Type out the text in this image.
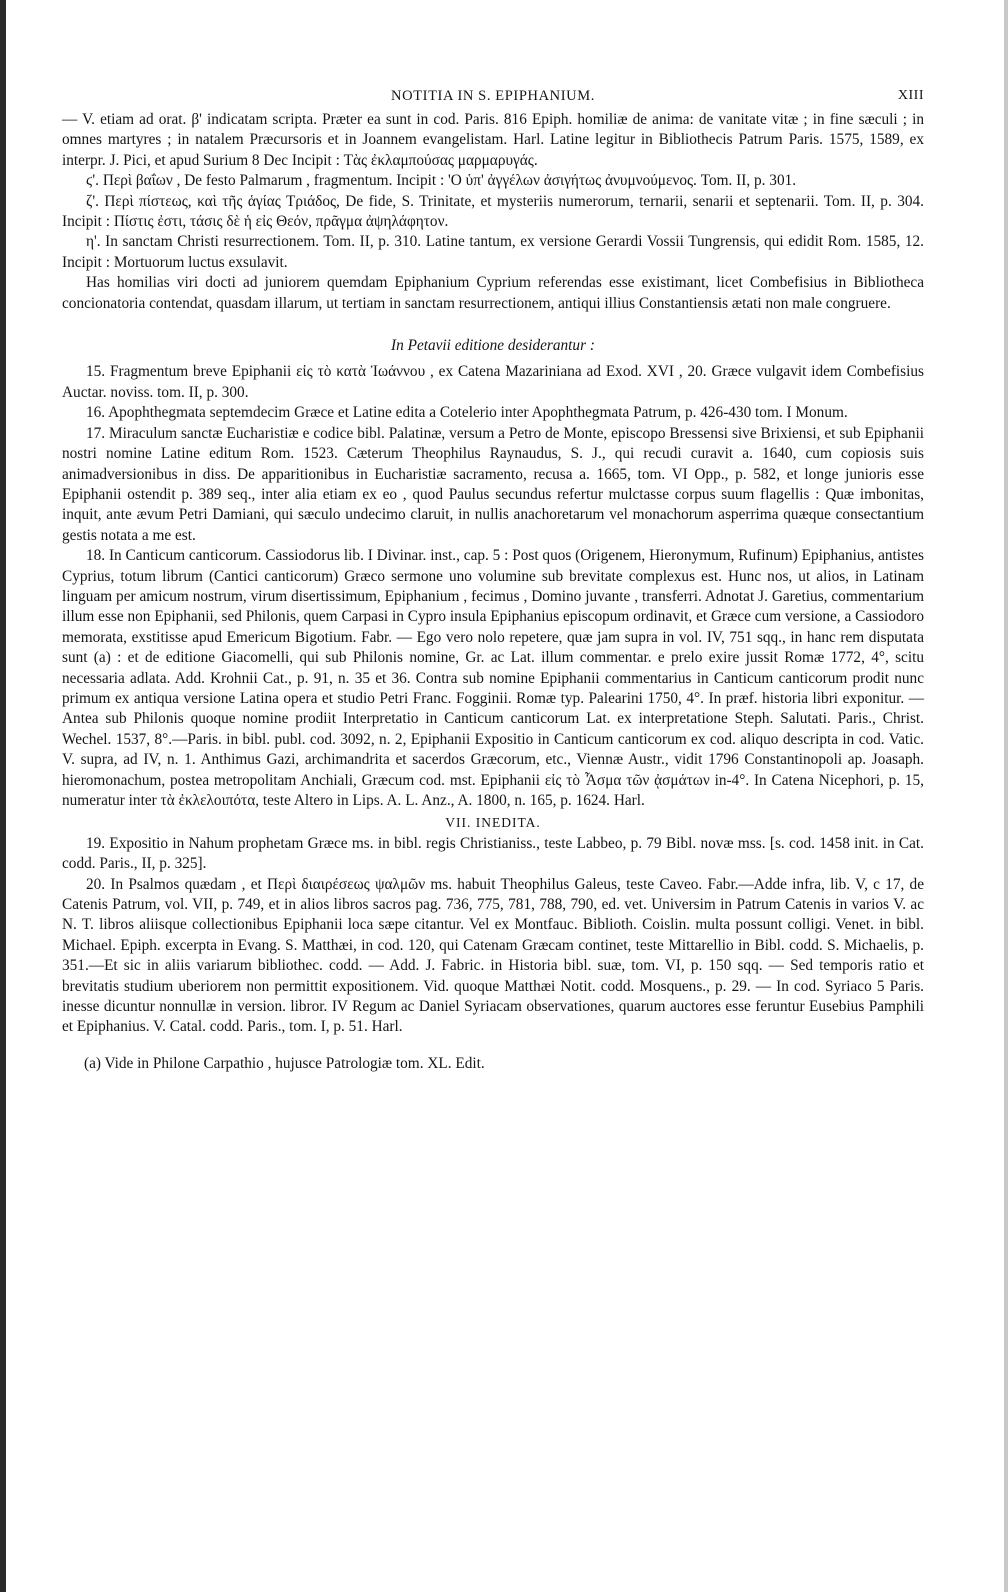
NOTITIA IN S. EPIPHANIUM.	XIII

— V. etiam ad orat. β' indicatam scripta. Præter ea sunt in cod. Paris. 816 Epiph. homiliæ de anima: de vanitate vitæ ; in fine sæculi ; in omnes martyres ; in natalem Præcursoris et in Joannem evangelistam. Harl. Latine legitur in Bibliothecis Patrum Paris. 1575, 1589, ex interpr. J. Pici, et apud Surium 8 Dec Incipit : Τὰς ἐκλαμπούσας μαρμαρυγάς.

ϛ'. Περὶ βαΐων , De festo Palmarum , fragmentum. Incipit : 'Ο ὑπ' ἀγγέλων ἀσιγήτως ἀνυμνούμενος. Tom. II, p. 301.

ζ'. Περὶ πίστεως, καὶ τῆς ἁγίας Τριάδος, De fide, S. Trinitate, et mysteriis numerorum, ternarii, senarii et septenarii. Tom. II, p. 304. Incipit : Πίστις ἐστι, τάσις δὲ ἡ εἰς Θεόν, πρᾶγμα ἀψηλάφητον.

η'. In sanctam Christi resurrectionem. Tom. II, p. 310. Latine tantum, ex versione Gerardi Vossii Tungrensis, qui edidit Rom. 1585, 12. Incipit : Mortuorum luctus exsulavit.

Has homilias viri docti ad juniorem quemdam Epiphanium Cyprium referendas esse existimant, licet Combefisius in Bibliotheca concionatoria contendat, quasdam illarum, ut tertiam in sanctam resurrectionem, antiqui illius Constantiensis ætati non male congruere.

In Petavii editione desiderantur :

15. Fragmentum breve Epiphanii εἰς τὸ κατὰ Ἰωάννου , ex Catena Mazariniana ad Exod. XVI , 20. Græce vulgavit idem Combefisius Auctar. noviss. tom. II, p. 300.

16. Apophthegmata septemdecim Græce et Latine edita a Cotelerio inter Apophthegmata Patrum, p. 426-430 tom. I Monum.

17. Miraculum sanctæ Eucharistiæ e codice bibl. Palatinæ, versum a Petro de Monte, episcopo Bressensi sive Brixiensi, et sub Epiphanii nostri nomine Latine editum Rom. 1523. Cæterum Theophilus Raynaudus, S. J., qui recudi curavit a. 1640, cum copiosis suis animadversionibus in diss. De apparitionibus in Eucharistiæ sacramento, recusa a. 1665, tom. VI Opp., p. 582, et longe junioris esse Epiphanii ostendit p. 389 seq., inter alia etiam ex eo , quod Paulus secundus refertur mulctasse corpus suum flagellis : Quæ imbonitas, inquit, ante ævum Petri Damiani, qui sæculo undecimo claruit, in nullis anachoretarum vel monachorum asperrima quæque consectantium gestis notata a me est.

18. In Canticum canticorum. Cassiodorus lib. I Divinar. inst., cap. 5 : Post quos (Origenem, Hieronymum, Rufinum) Epiphanius, antistes Cyprius, totum librum (Cantici canticorum) Græco sermone uno volumine sub brevitate complexus est. Hunc nos, ut alios, in Latinam linguam per amicum nostrum, virum disertissimum, Epiphanium , fecimus , Domino juvante , transferri. Adnotat J. Garetius, commentarium illum esse non Epiphanii, sed Philonis, quem Carpasi in Cypro insula Epiphanius episcopum ordinavit, et Græce cum versione, a Cassiodoro memorata, exstitisse apud Emericum Bigotium. Fabr. — Ego vero nolo repetere, quæ jam supra in vol. IV, 751 sqq., in hanc rem disputata sunt (a) : et de editione Giacomelli, qui sub Philonis nomine, Gr. ac Lat. illum commentar. e prelo exire jussit Romæ 1772, 4°, scitu necessaria adlata. Add. Krohnii Cat., p. 91, n. 35 et 36. Contra sub nomine Epiphanii commentarius in Canticum canticorum prodit nunc primum ex antiqua versione Latina opera et studio Petri Franc. Fogginii. Romæ typ. Palearini 1750, 4°. In præf. historia libri exponitur. — Antea sub Philonis quoque nomine prodiit Interpretatio in Canticum canticorum Lat. ex interpretatione Steph. Salutati. Paris., Christ. Wechel. 1537, 8°.—Paris. in bibl. publ. cod. 3092, n. 2, Epiphanii Expositio in Canticum canticorum ex cod. aliquo descripta in cod. Vatic. V. supra, ad IV, n. 1. Anthimus Gazi, archimandrita et sacerdos Græcorum, etc., Viennæ Austr., vidit 1796 Constantinopoli ap. Joasaph. hieromonachum, postea metropolitam Anchiali, Græcum cod. mst. Epiphanii εἰς τὸ Ἆσμα τῶν ᾀσμάτων in-4°. In Catena Nicephori, p. 15, numeratur inter τὰ ἐκλελοιπότα, teste Altero in Lips. A. L. Anz., A. 1800, n. 165, p. 1624. Harl.

VII. INEDITA.

19. Expositio in Nahum prophetam Græce ms. in bibl. regis Christianiss., teste Labbeo, p. 79 Bibl. novæ mss. [s. cod. 1458 init. in Cat. codd. Paris., II, p. 325].

20. In Psalmos quædam , et Περὶ διαιρέσεως ψαλμῶν ms. habuit Theophilus Galeus, teste Caveo. Fabr.—Adde infra, lib. V, c 17, de Catenis Patrum, vol. VII, p. 749, et in alios libros sacros pag. 736, 775, 781, 788, 790, ed. vet. Universim in Patrum Catenis in varios V. ac N. T. libros aliisque collectionibus Epiphanii loca sæpe citantur. Vel ex Montfauc. Biblioth. Coislin. multa possunt colligi. Venet. in bibl. Michael. Epiph. excerpta in Evang. S. Matthæi, in cod. 120, qui Catenam Græcam continet, teste Mittarellio in Bibl. codd. S. Michaelis, p. 351.—Et sic in aliis variarum bibliothec. codd. — Add. J. Fabric. in Historia bibl. suæ, tom. VI, p. 150 sqq. — Sed temporis ratio et brevitatis studium uberiorem non permittit expositionem. Vid. quoque Matthæi Notit. codd. Mosquens., p. 29. — In cod. Syriaco 5 Paris. inesse dicuntur nonnullæ in version. libror. IV Regum ac Daniel Syriacam observationes, quarum auctores esse feruntur Eusebius Pamphili et Epiphanius. V. Catal. codd. Paris., tom. I, p. 51. Harl.

(a) Vide in Philone Carpathio , hujusce Patrologiæ tom. XL. Edit.
